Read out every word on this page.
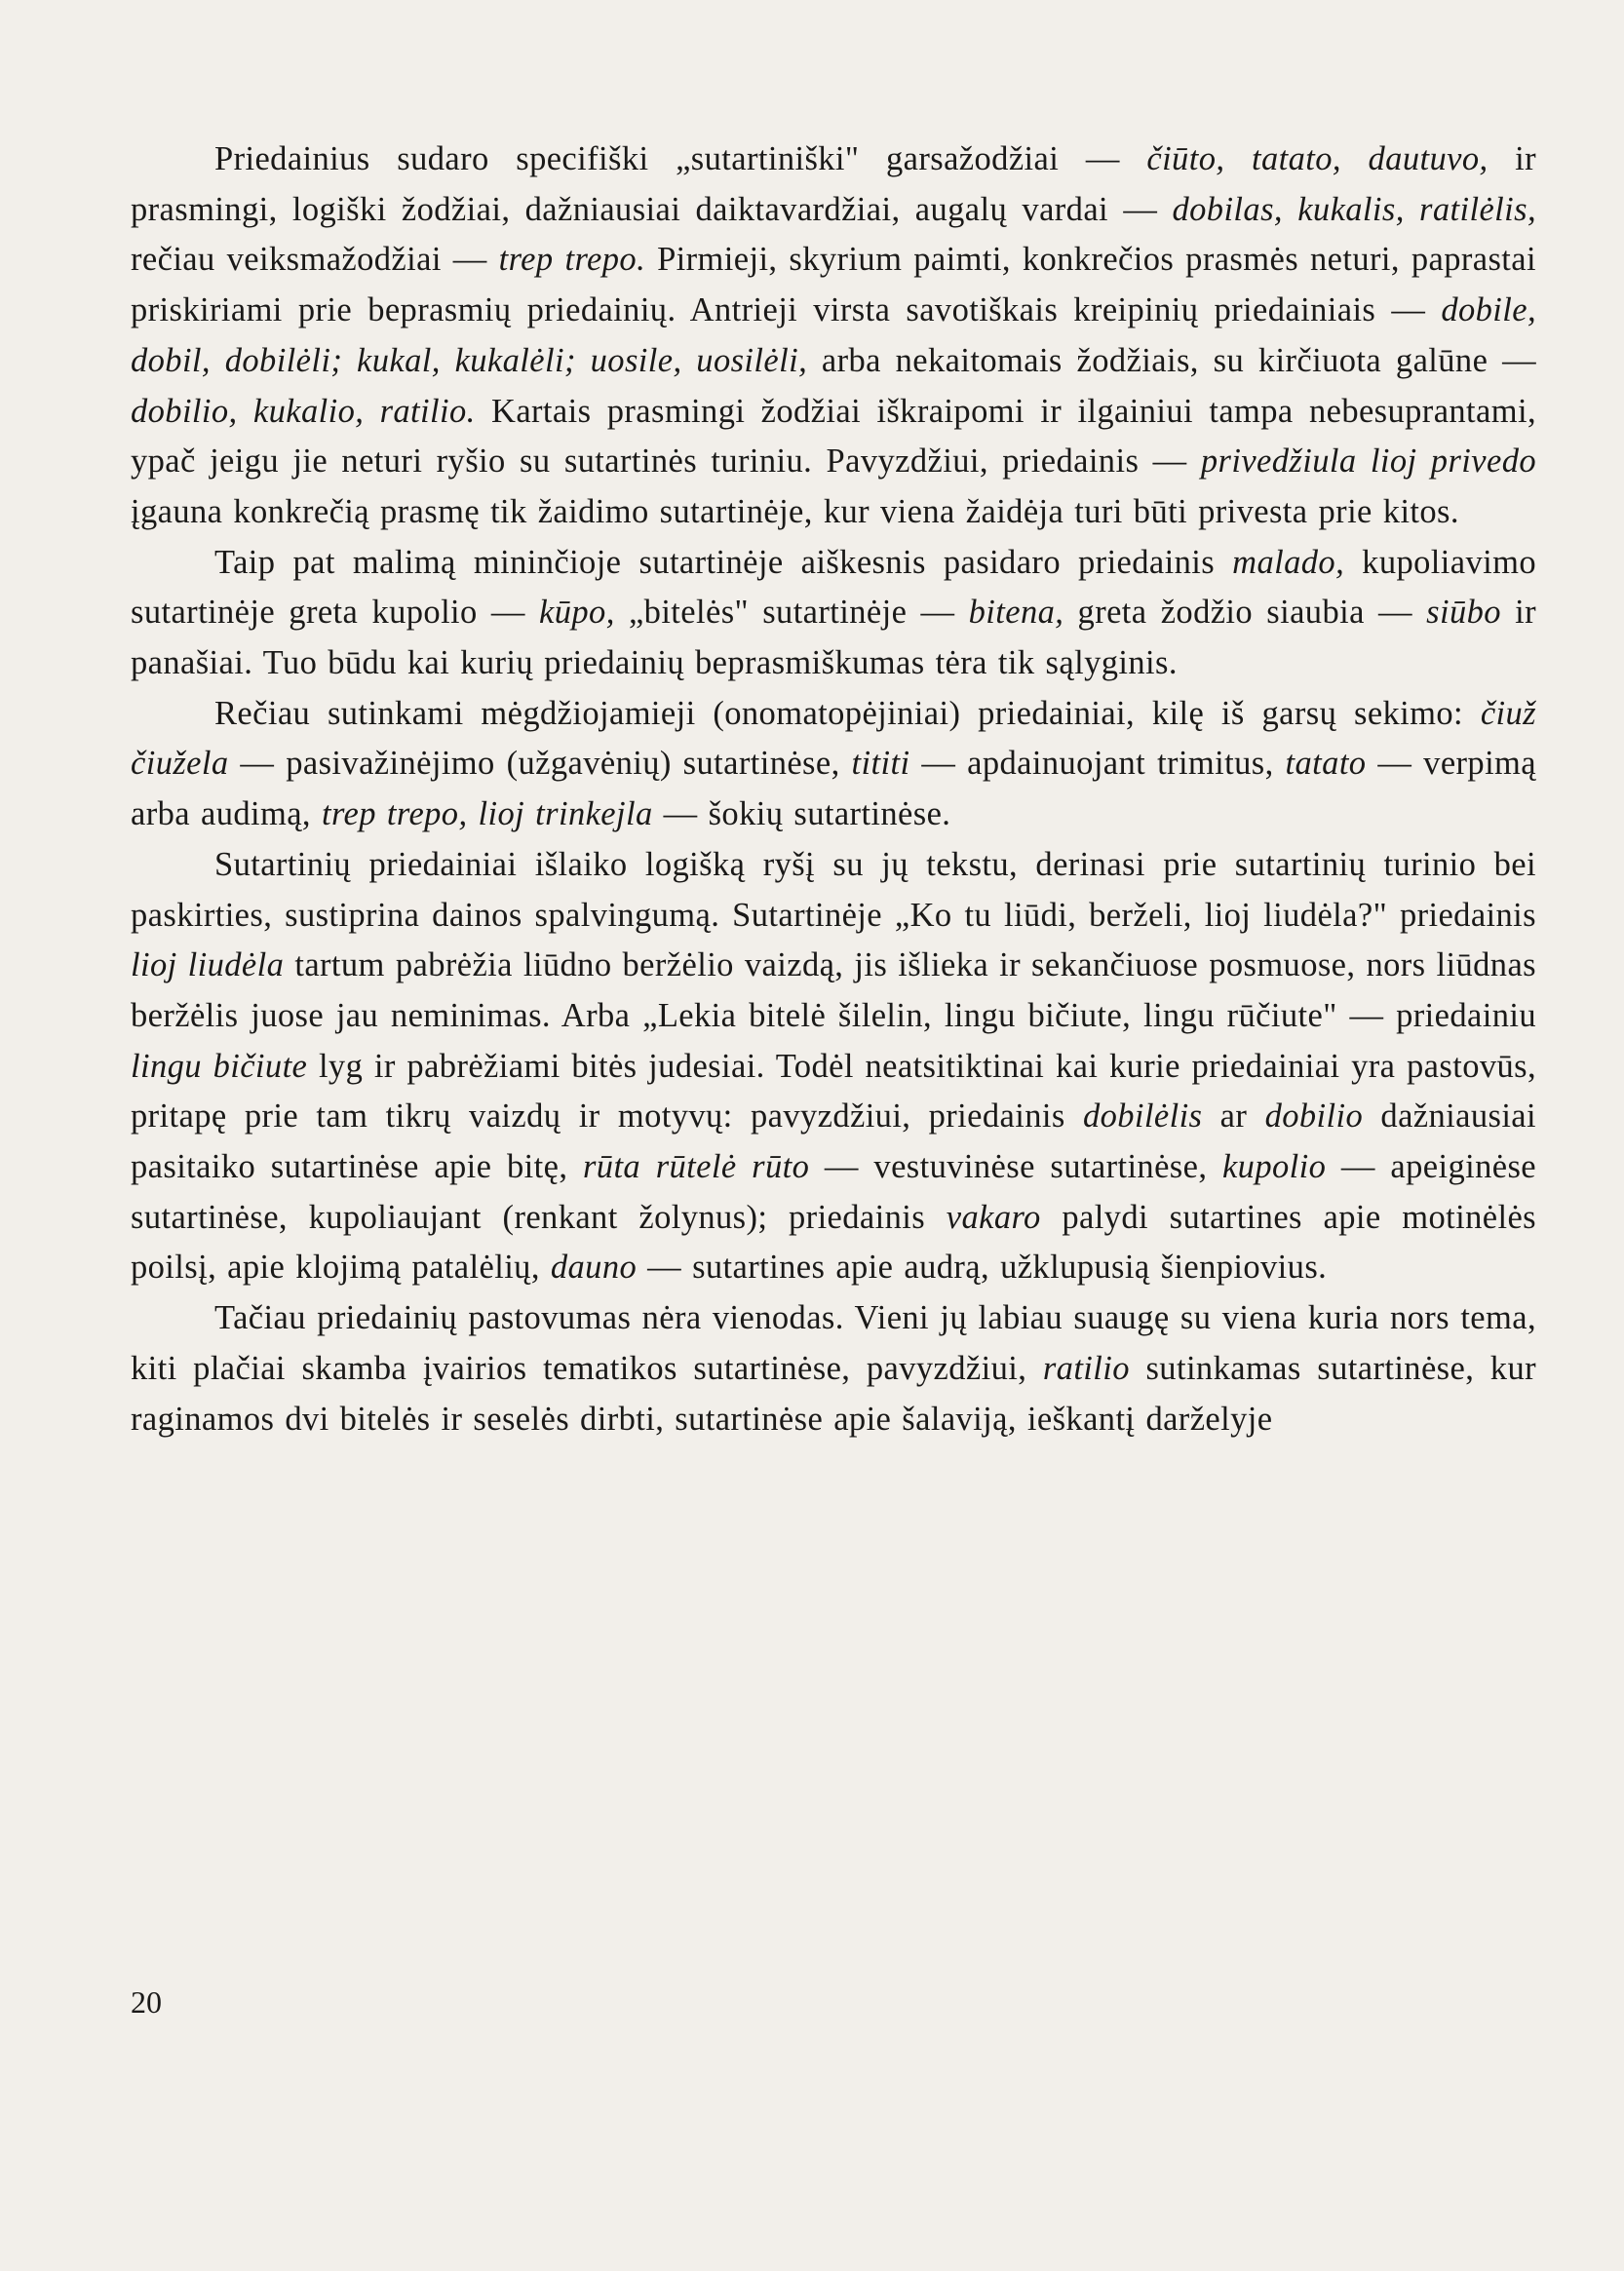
Priedainius sudaro specifiški „sutartiniški" garsažodžiai — čiūto, tatato, dautuvo, ir prasmingi, logiški žodžiai, dažniausiai daiktavardžiai, augalų vardai — dobilas, kukalis, ratilėlis, rečiau veiksmažodžiai — trep trepo. Pirmieji, skyrium paimti, konkrečios prasmės neturi, paprastai priskiriami prie beprasmių priedainių. Antrieji virsta savotiškais kreipinių priedainiais — dobile, dobil, dobilėli; kukal, kukalėli; uosile, uosilėli, arba nekaitomais žodžiais, su kirčiuota galūne — dobilio, kukalio, ratilio. Kartais prasmingi žodžiai iškraipomi ir ilgainiui tampa nebesuprantami, ypač jeigu jie neturi ryšio su sutartinės turiniu. Pavyzdžiui, priedainis — privedžiula lioj privedo įgauna konkrečią prasmę tik žaidimo sutartinėje, kur viena žaidėja turi būti privesta prie kitos.

Taip pat malimą mininčioje sutartinėje aiškesnis pasidaro priedainis malado, kupoliavimo sutartinėje greta kupolio — kūpo, „bitelės" sutartinėje — bitena, greta žodžio siaubia — siūbo ir panašiai. Tuo būdu kai kurių priedainių beprasmiškumas tėra tik sąlyginis.

Rečiau sutinkami mėgdžiojamieji (onomatopėjiniai) priedainiai, kilę iš garsų sekimo: čiuž čiužela — pasivažinėjimo (užgavėnių) sutartinėse, tititi — apdainuojant trimitus, tatato — verpimą arba audimą, trep trepo, lioj trinkejla — šokių sutartinėse.

Sutartinių priedainiai išlaiko logišką ryšį su jų tekstu, derinasi prie sutartinių turinio bei paskirties, sustiprina dainos spalvingumą. Sutartinėje „Ko tu liūdi, berželi, lioj liudėla?" priedainis lioj liudėla tartum pabrėžia liūdno beržėlio vaizdą, jis išlieka ir sekančiuose posmuose, nors liūdnas beržėlis juose jau neminimas. Arba „Lekia bitelė šilelin, lingu bičiute, lingu rūčiute" — priedainiu lingu bičiute lyg ir pabrėžiami bitės judesiai. Todėl neatsitiktinai kai kurie priedainiai yra pastovūs, pritapę prie tam tikrų vaizdų ir motyvų: pavyzdžiui, priedainis dobilėlis ar dobilio dažniausiai pasitaiko sutartinėse apie bitę, rūta rūtelė rūto — vestuvinėse sutartinėse, kupolio — apeiginėse sutartinėse, kupoliaujant (renkant žolynus); priedainis vakaro palydi sutartines apie motinėlės poilsį, apie klojimą patalėlių, dauno — sutartines apie audrą, užklupusią šienpiovius.

Tačiau priedainių pastovumas nėra vienodas. Vieni jų labiau suaugę su viena kuria nors tema, kiti plačiai skamba įvairios tematikos sutartinėse, pavyzdžiui, ratilio sutinkamas sutartinėse, kur raginamos dvi bitelės ir seselės dirbti, sutartinėse apie šalaviją, ieškantį darželyje

20
